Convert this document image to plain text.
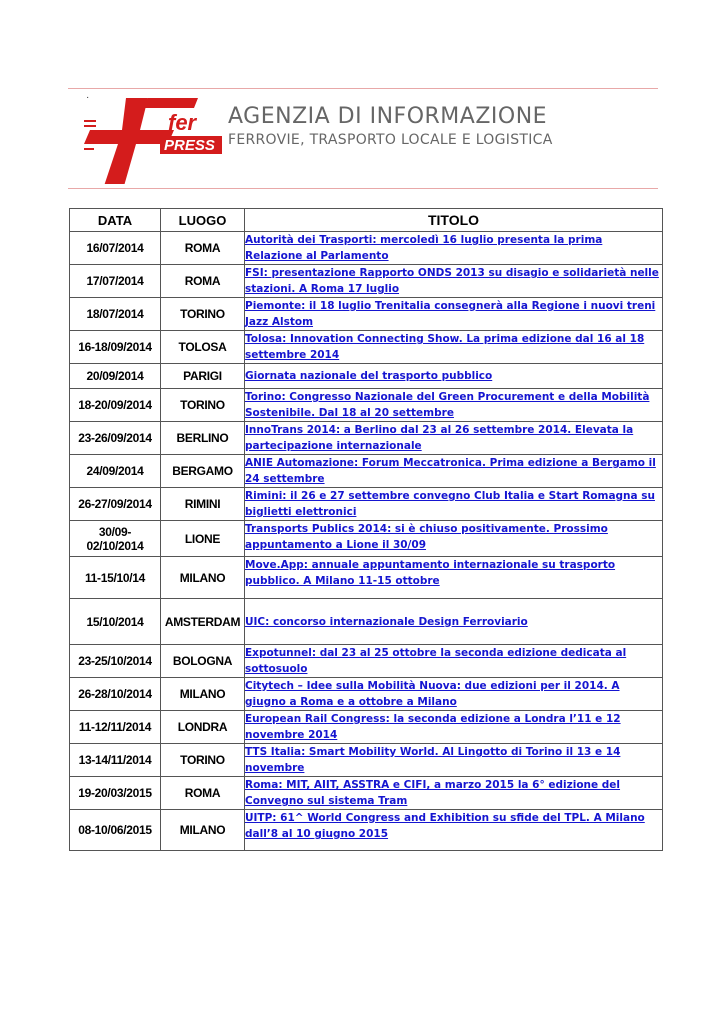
·
fer
PRESS
AGENZIA DI INFORMAZIONE
FERROVIE, TRASPORTO LOCALE E LOGISTICA
DATA	LUOGO	TITOLO
16/07/2014	ROMA	Autorità dei Trasporti: mercoledì 16 luglio presenta la prima Relazione al Parlamento

17/07/2014	ROMA	FSI: presentazione Rapporto ONDS 2013 su disagio e solidarietà nelle stazioni. A Roma 17 luglio

18/07/2014	TORINO	Piemonte: il 18 luglio Trenitalia consegnerà alla Regione i nuovi treni Jazz Alstom

16-18/09/2014	TOLOSA	Tolosa: Innovation Connecting Show. La prima edizione dal 16 al 18 settembre 2014

20/09/2014	PARIGI	Giornata nazionale del trasporto pubblico

18-20/09/2014	TORINO	Torino: Congresso Nazionale del Green Procurement e della Mobilità Sostenibile. Dal 18 al 20 settembre

23-26/09/2014	BERLINO	InnoTrans 2014: a Berlino dal 23 al 26 settembre 2014. Elevata la partecipazione internazionale

24/09/2014	BERGAMO	ANIE Automazione: Forum Meccatronica. Prima edizione a Bergamo il 24 settembre

26-27/09/2014	RIMINI	Rimini: il 26 e 27 settembre convegno Club Italia e Start Romagna su biglietti elettronici

30/09-
02/10/2014	LIONE	Transports Publics 2014: si è chiuso positivamente. Prossimo appuntamento a Lione il 30/09

11-15/10/14	MILANO	Move.App: annuale appuntamento internazionale su trasporto pubblico. A Milano 11-15 ottobre

15/10/2014	AMSTERDAM	UIC: concorso internazionale Design Ferroviario

23-25/10/2014	BOLOGNA	Expotunnel: dal 23 al 25 ottobre la seconda edizione dedicata al sottosuolo

26-28/10/2014	MILANO	Citytech – Idee sulla Mobilità Nuova: due edizioni per il 2014. A giugno a Roma e a ottobre a Milano

11-12/11/2014	LONDRA	European Rail Congress: la seconda edizione a Londra l’11 e 12 novembre 2014

13-14/11/2014	TORINO	TTS Italia: Smart Mobility World. Al Lingotto di Torino il 13 e 14 novembre

19-20/03/2015	ROMA	Roma: MIT, AIIT, ASSTRA e CIFI, a marzo 2015 la 6° edizione del Convegno sul sistema Tram

08-10/06/2015	MILANO	UITP: 61^ World Congress and Exhibition su sfide del TPL. A Milano dall’8 al 10 giugno 2015
